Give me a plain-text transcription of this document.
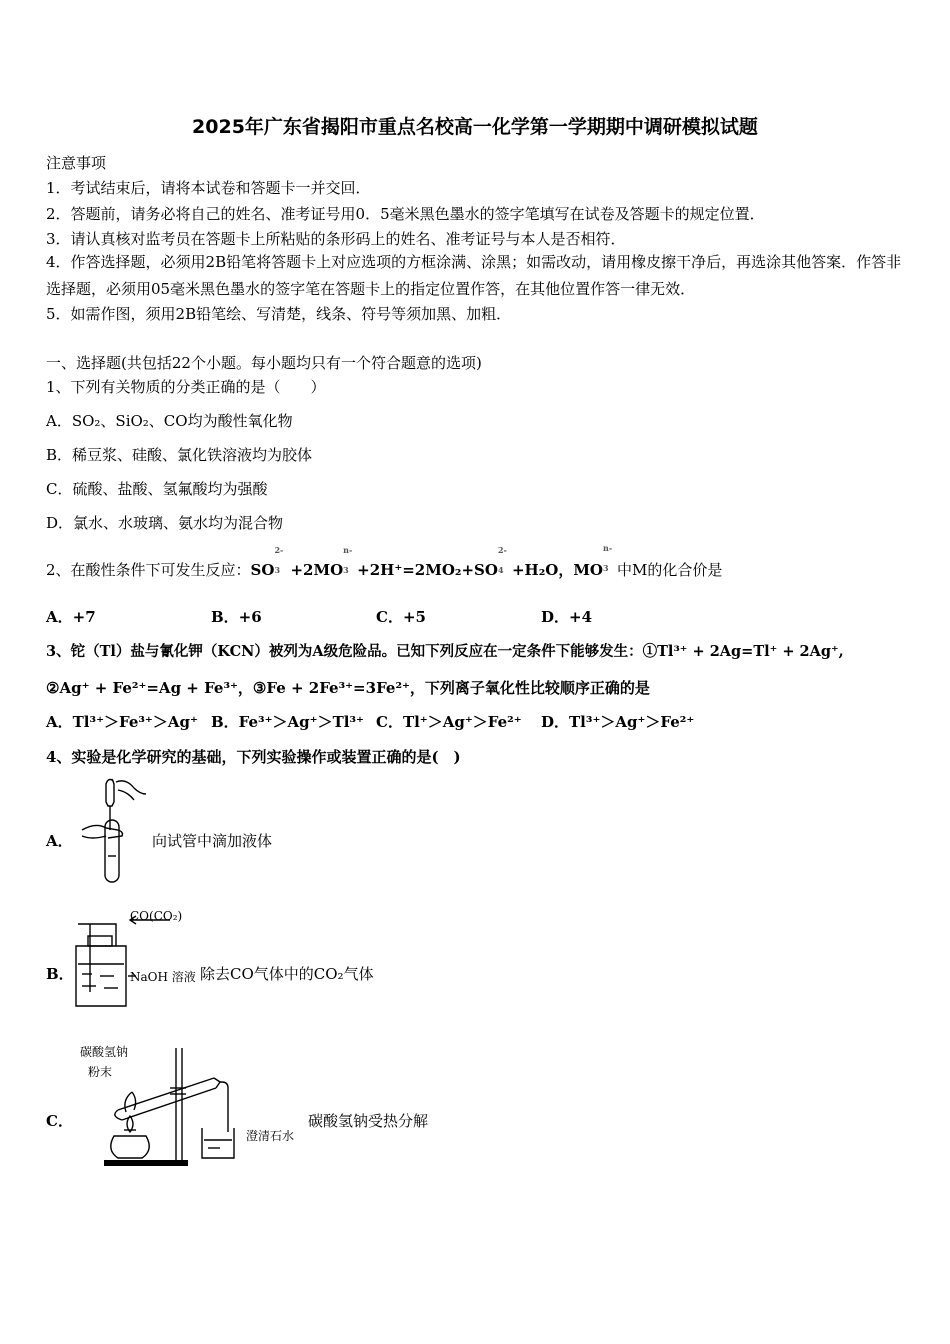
2025年广东省揭阳市重点名校高一化学第一学期期中调研模拟试题
注意事项
1．考试结束后，请将本试卷和答题卡一并交回．
2．答题前，请务必将自己的姓名、准考证号用0．5毫米黑色墨水的签字笔填写在试卷及答题卡的规定位置．
3．请认真核对监考员在答题卡上所粘贴的条形码上的姓名、准考证号与本人是否相符．
4．作答选择题，必须用2B铅笔将答题卡上对应选项的方框涂满、涂黑；如需改动，请用橡皮擦干净后，再选涂其他答案．作答非选择题，必须用05毫米黑色墨水的签字笔在答题卡上的指定位置作答，在其他位置作答一律无效．
5．如需作图，须用2B铅笔绘、写清楚，线条、符号等须加黑、加粗．
一、选择题(共包括22个小题。每小题均只有一个符合题意的选项)
1、下列有关物质的分类正确的是（　　）
A．SO₂、SiO₂、CO均为酸性氧化物
B．稀豆浆、硅酸、氯化铁溶液均为胶体
C．硫酸、盐酸、氢氟酸均为强酸
D．氯水、水玻璃、氨水均为混合物
2、在酸性条件下可发生反应：SO
2-
3 +2MO
n-
3 +2H⁺=2MO₂+SO
2-
4 +H₂O，MO
n-
3 中M的化合价是
A．+7	B．+6	C．+5	D．+4
3、铊（Tl）盐与氰化钾（KCN）被列为A级危险品。已知下列反应在一定条件下能够发生：①Tl³⁺ + 2Ag=Tl⁺ + 2Ag⁺,
②Ag⁺ + Fe²⁺=Ag + Fe³⁺，③Fe + 2Fe³⁺=3Fe²⁺，下列离子氧化性比较顺序正确的是
A．Tl³⁺＞Fe³⁺＞Ag⁺ B．Fe³⁺＞Ag⁺＞Tl³⁺ C．Tl⁺＞Ag⁺＞Fe²⁺ D．Tl³⁺＞Ag⁺＞Fe²⁺
4、实验是化学研究的基础，下列实验操作或装置正确的是(　)
A．	向试管中滴加液体
B．
CO(CO₂)
NaOH 溶液 除去CO气体中的CO₂气体
C．
碳酸氢钠
粉末
澄清石水
碳酸氢钠受热分解
